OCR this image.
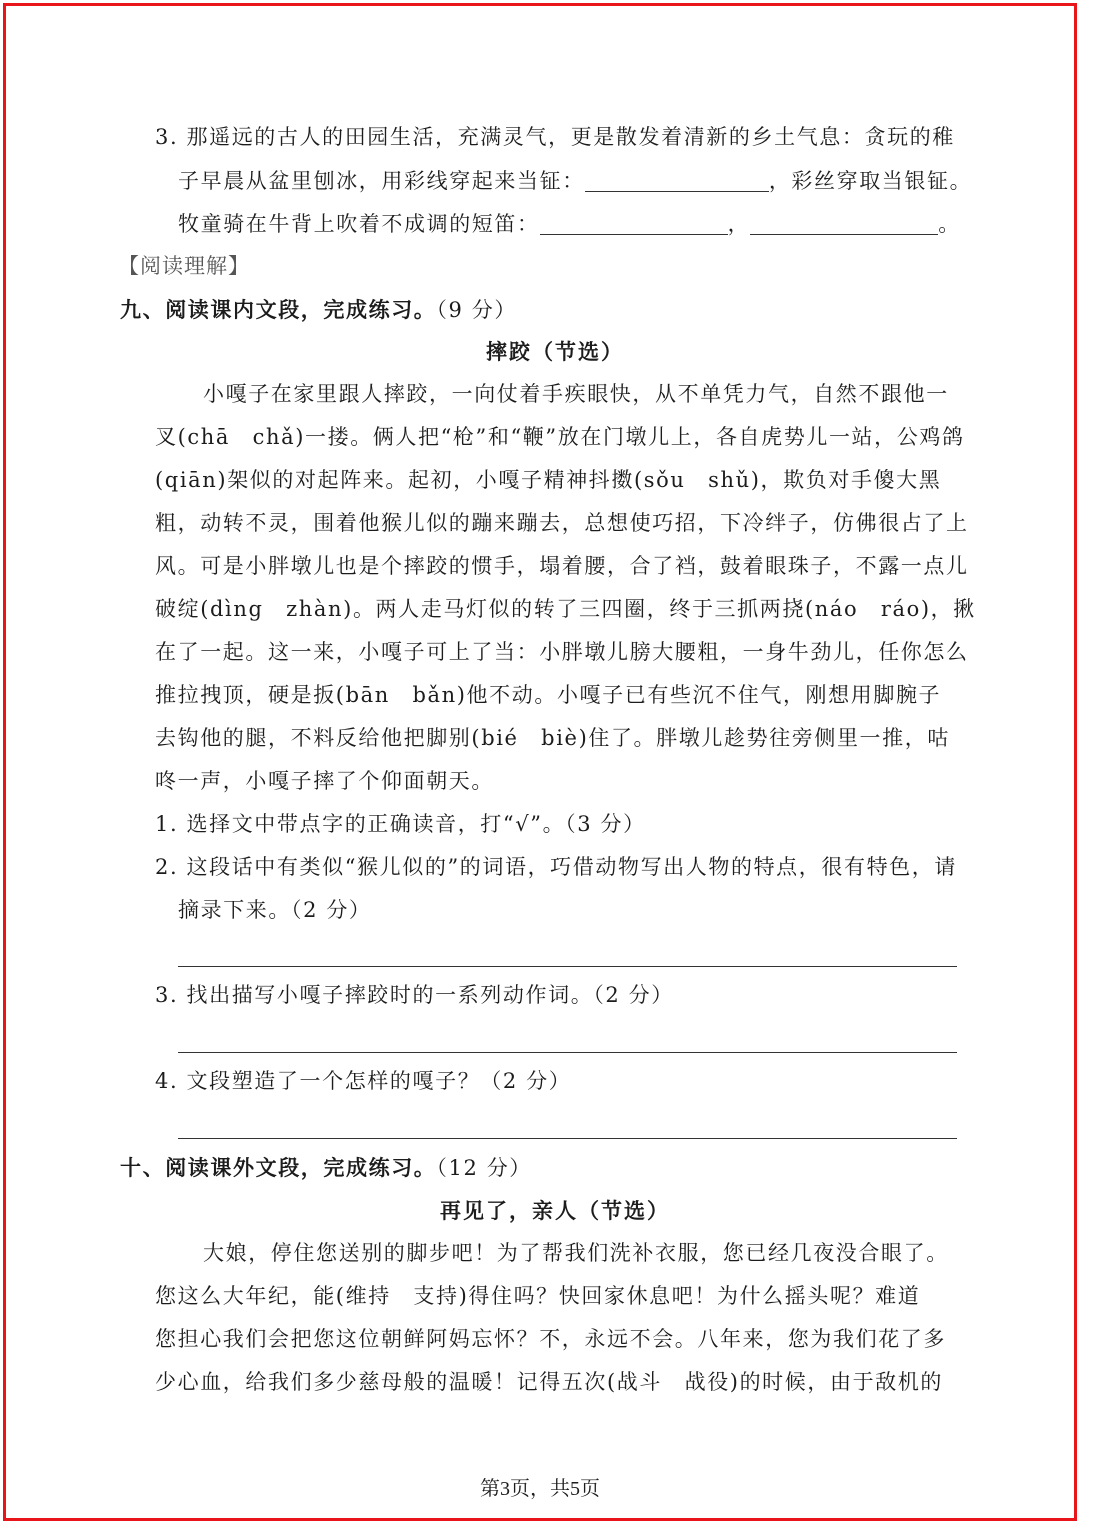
3. 那遥远的古人的田园生活，充满灵气，更是散发着清新的乡土气息：贪玩的稚
子早晨从盆里刨冰，用彩线穿起来当钲：	，彩丝穿取当银钲。
牧童骑在牛背上吹着不成调的短笛：	，	。
【阅读理解】
九、阅读课内文段，完成练习。（9 分）
摔跤（节选）
小嘎子在家里跟人摔跤，一向仗着手疾眼快，从不单凭力气，自然不跟他一
叉(chā　chǎ)一搂。俩人把“枪”和“鞭”放在门墩儿上，各自虎势儿一站，公鸡鸽
(qiān)架似的对起阵来。起初，小嘎子精神抖擞(sǒu　shǔ)，欺负对手傻大黑
粗，动转不灵，围着他猴儿似的蹦来蹦去，总想使巧招，下冷绊子，仿佛很占了上
风。可是小胖墩儿也是个摔跤的惯手，塌着腰，合了裆，鼓着眼珠子，不露一点儿
破绽(dìng　zhàn)。两人走马灯似的转了三四圈，终于三抓两挠(náo　ráo)，揪
在了一起。这一来，小嘎子可上了当：小胖墩儿膀大腰粗，一身牛劲儿，任你怎么
推拉拽顶，硬是扳(bān　bǎn)他不动。小嘎子已有些沉不住气，刚想用脚腕子
去钩他的腿，不料反给他把脚别(bié　biè)住了。胖墩儿趁势往旁侧里一推，咕
咚一声，小嘎子摔了个仰面朝天。
1. 选择文中带点字的正确读音，打“√”。（3 分）
2. 这段话中有类似“猴儿似的”的词语，巧借动物写出人物的特点，很有特色，请
摘录下来。（2 分）
3. 找出描写小嘎子摔跤时的一系列动作词。（2 分）
4. 文段塑造了一个怎样的嘎子？（2 分）
十、阅读课外文段，完成练习。（12 分）
再见了，亲人（节选）
大娘，停住您送别的脚步吧！为了帮我们洗补衣服，您已经几夜没合眼了。
您这么大年纪，能(维持　支持)得住吗？快回家休息吧！为什么摇头呢？难道
您担心我们会把您这位朝鲜阿妈忘怀？不，永远不会。八年来，您为我们花了多
少心血，给我们多少慈母般的温暖！记得五次(战斗　战役)的时候，由于敌机的
第3页，共5页
